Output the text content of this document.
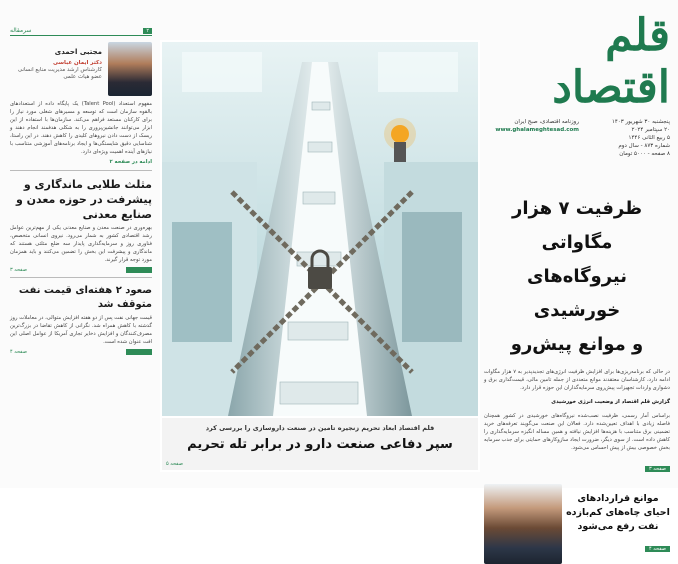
۲
سرمقاله
مجتبی احمدی
دکتر ایمان عباسی
کارشناس ارشد مدیریت منابع انسانی
عضو هیات علمی
مفهوم استعداد (Talent Pool) یک پایگاه داده از استعدادهای بالقوه سازمان است که توسعه و مسیرهای شغلی مورد نیاز را برای کارکنان مستعد فراهم می‌کند. سازمان‌ها با استفاده از این ابزار می‌توانند جانشین‌پروری را به شکلی هدفمند انجام دهند و ریسک از دست دادن نیروهای کلیدی را کاهش دهند. در این راستا، شناسایی دقیق شایستگی‌ها و ایجاد برنامه‌های آموزشی متناسب با نیازهای آینده اهمیت ویژه‌ای دارد.
ادامه در صفحه ۲
مثلث طلایی ماندگاری و پیشرفت در حوزه معدن و صنایع معدنی
بهره‌وری در صنعت معدن و صنایع معدنی یکی از مهم‌ترین عوامل رشد اقتصادی کشور به شمار می‌رود. نیروی انسانی متخصص، فناوری روز و سرمایه‌گذاری پایدار سه ضلع مثلثی هستند که ماندگاری و پیشرفت این بخش را تضمین می‌کنند و باید همزمان مورد توجه قرار گیرند.
صفحه ۳
صعود ۲ هفته‌ای قیمت نفت متوقف شد
قیمت جهانی نفت پس از دو هفته افزایش متوالی، در معاملات روز گذشته با کاهش همراه شد. نگرانی از کاهش تقاضا در بزرگ‌ترین مصرف‌کنندگان و افزایش ذخایر تجاری آمریکا از عوامل اصلی این افت عنوان شده است.
صفحه ۴
قلم اقتصاد ابعاد تحریم زنجیره تامین در صنعت داروسازی را بررسی کرد
سپر دفاعی صنعت دارو در برابر تله تحریم
صفحه ۵
قلم اقتصاد
پنجشنبه ۳۰ شهریور ۱۴۰۳
۲۰ سپتامبر ۲۰۲۴
۵ ربیع الثانی ۱۴۴۶
شماره ۸۷۳ - سال دوم
۸ صفحه - ۵۰۰۰ تومان
روزنامه اقتصادی، صبح ایران
www.ghalameghtesad.com
ظرفیت ۷ هزار مگاواتی
نیروگاه‌های خورشیدی
و موانع پیش‌رو
در حالی که برنامه‌ریزی‌ها برای افزایش ظرفیت انرژی‌های تجدیدپذیر به ۷ هزار مگاوات ادامه دارد، کارشناسان معتقدند موانع متعددی از جمله تامین مالی، قیمت‌گذاری برق و دشواری واردات تجهیزات پیش‌روی سرمایه‌گذاران این حوزه قرار دارد.
گزارش قلم اقتصاد از وضعیت انرژی خورشیدی
براساس آمار رسمی، ظرفیت نصب‌شده نیروگاه‌های خورشیدی در کشور همچنان فاصله زیادی با اهداف تعیین‌شده دارد. فعالان این صنعت می‌گویند تعرفه‌های خرید تضمینی برق متناسب با هزینه‌ها افزایش نیافته و همین مساله انگیزه سرمایه‌گذاری را کاهش داده است. از سوی دیگر، ضرورت ایجاد سازوکارهای حمایتی برای جذب سرمایه بخش خصوصی بیش از پیش احساس می‌شود.
صفحه ۳
موانع قراردادهای احیای چاه‌های کم‌بازده نفت رفع می‌شود
صفحه ۴
